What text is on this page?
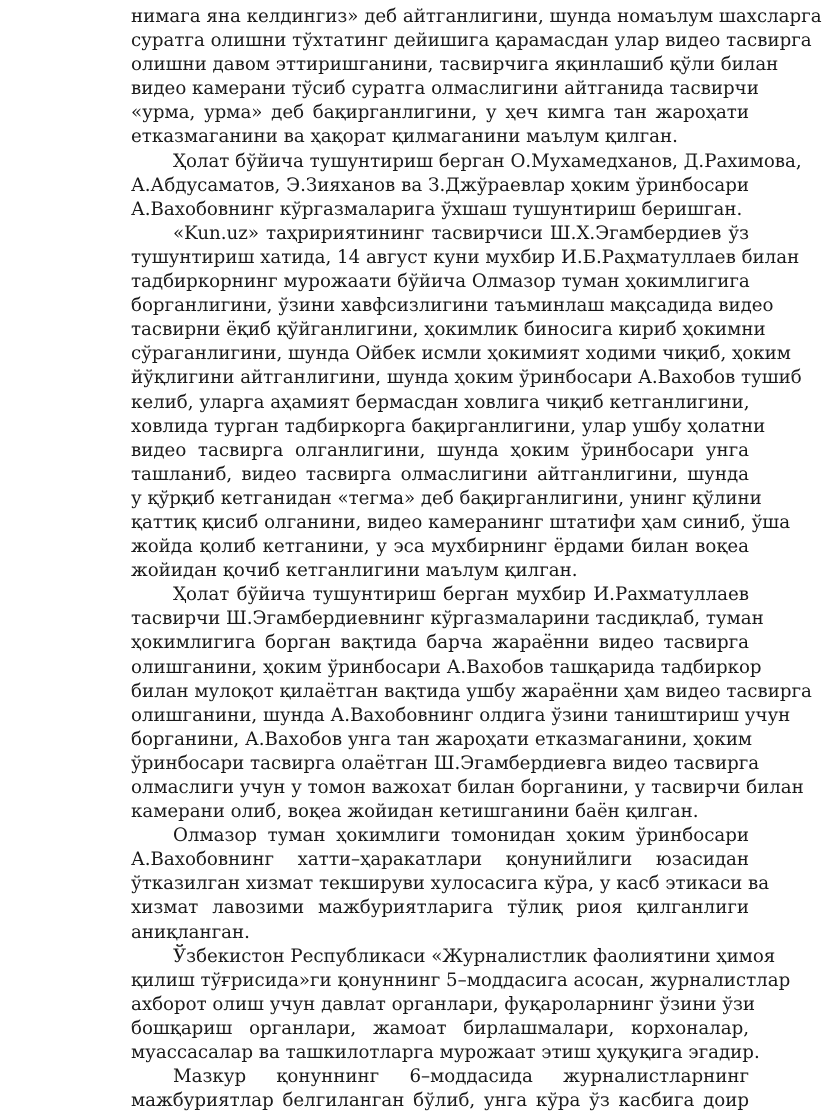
нимага яна келдингиз» деб айтганлигини, шунда номаълум шахсларга
суратга олишни тўхтатинг дейишига қарамасдан улар видео тасвирга
олишни давом эттиришганини, тасвирчига яқинлашиб қўли билан
видео камерани тўсиб суратга олмаслигини айтганида тасвирчи
«урма, урма» деб бақирганлигини, у ҳеч кимга тан жароҳати
етказмаганини ва ҳақорат қилмаганини маълум қилган.
Ҳолат бўйича тушунтириш берган О.Мухамедханов, Д.Рахимова,
А.Абдусаматов, Э.Зияханов ва З.Джўраевлар ҳоким ўринбосари
А.Вахобовнинг кўргазмаларига ўхшаш тушунтириш беришган.
«Kun.uz» таҳририятининг тасвирчиси Ш.Х.Эгамбердиев ўз
тушунтириш хатида, 14 август куни мухбир И.Б.Раҳматуллаев билан
тадбиркорнинг мурожаати бўйича Олмазор туман ҳокимлигига
борганлигини, ўзини хавфсизлигини таъминлаш мақсадида видео
тасвирни ёқиб қўйганлигини, ҳокимлик биносига кириб ҳокимни
сўраганлигини, шунда Ойбек исмли ҳокимият ходими чиқиб, ҳоким
йўқлигини айтганлигини, шунда ҳоким ўринбосари А.Вахобов тушиб
келиб, уларга аҳамият бермасдан ховлига чиқиб кетганлигини,
ховлида турган тадбиркорга бақирганлигини, улар ушбу ҳолатни
видео тасвирга олганлигини, шунда ҳоким ўринбосари унга
ташланиб, видео тасвирга олмаслигини айтганлигини, шунда
у қўрқиб кетганидан «тегма» деб бақирганлигини, унинг қўлини
қаттиқ қисиб олганини, видео камеранинг штатифи ҳам синиб, ўша
жойда қолиб кетганини, у эса мухбирнинг ёрдами билан воқеа
жойидан қочиб кетганлигини маълум қилган.
Ҳолат бўйича тушунтириш берган мухбир И.Рахматуллаев
тасвирчи Ш.Эгамбердиевнинг кўргазмаларини тасдиқлаб, туман
ҳокимлигига борган вақтида барча жараённи видео тасвирга
олишганини, ҳоким ўринбосари А.Вахобов ташқарида тадбиркор
билан мулоқот қилаётган вақтида ушбу жараённи ҳам видео тасвирга
олишганини, шунда А.Вахобовнинг олдига ўзини таништириш учун
борганини, А.Вахобов унга тан жароҳати етказмаганини, ҳоким
ўринбосари тасвирга олаётган Ш.Эгамбердиевга видео тасвирга
олмаслиги учун у томон важохат билан борганини, у тасвирчи билан
камерани олиб, воқеа жойидан кетишганини баён қилган.
Олмазор туман ҳокимлиги томонидан ҳоким ўринбосари
А.Вахобовнинг хатти–ҳаракатлари қонунийлиги юзасидан
ўтказилган хизмат текшируви хулосасига кўра, у касб этикаси ва
хизмат лавозими мажбуриятларига тўлиқ риоя қилганлиги
аниқланган.
Ўзбекистон Республикаси «Журналистлик фаолиятини ҳимоя
қилиш тўғрисида»ги қонуннинг 5–моддасига асосан, журналистлар
ахборот олиш учун давлат органлари, фуқароларнинг ўзини ўзи
бошқариш органлари, жамоат бирлашмалари, корхоналар,
муассасалар ва ташкилотларга мурожаат этиш ҳуқуқига эгадир.
Мазкур қонуннинг 6–моддасида журналистларнинг
мажбуриятлар белгиланган бўлиб, унга кўра ўз касбига доир
